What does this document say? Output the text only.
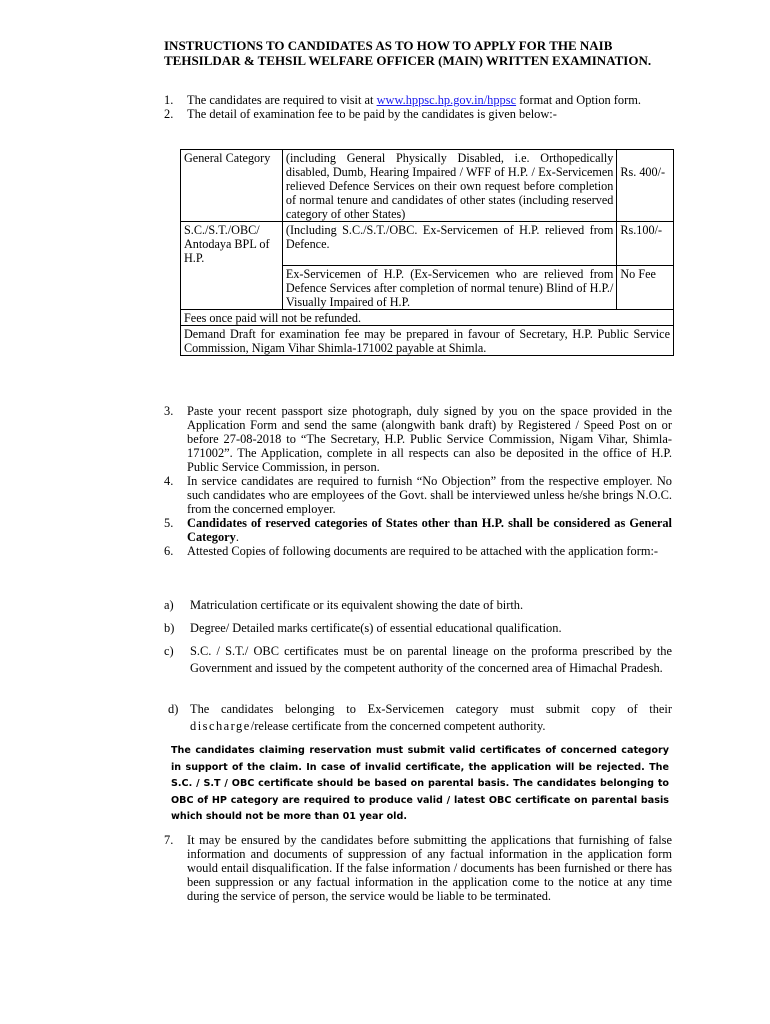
INSTRUCTIONS TO CANDIDATES AS TO HOW TO APPLY FOR THE NAIB TEHSILDAR & TEHSIL WELFARE OFFICER (MAIN) WRITTEN EXAMINATION.
1. The candidates are required to visit at www.hppsc.hp.gov.in/hppsc format and Option form.
2. The detail of examination fee to be paid by the candidates is given below:-
General Category	(including General Physically Disabled, i.e. Orthopedically disabled, Dumb, Hearing Impaired / WFF of H.P. / Ex-Servicemen relieved Defence Services on their own request before completion of normal tenure and candidates of other states (including reserved category of other States)	Rs. 400/-
S.C./S.T./OBC/ Antodaya BPL of H.P.	(Including S.C./S.T./OBC. Ex-Servicemen of H.P. relieved from Defence.	Rs.100/-
	Ex-Servicemen of H.P. (Ex-Servicemen who are relieved from Defence Services after completion of normal tenure) Blind of H.P./ Visually Impaired of H.P.	No Fee
Fees once paid will not be refunded.		
Demand Draft for examination fee may be prepared in favour of Secretary, H.P. Public Service Commission, Nigam Vihar Shimla-171002 payable at Shimla.		
3. Paste your recent passport size photograph, duly signed by you on the space provided in the Application Form and send the same (alongwith bank draft) by Registered / Speed Post on or before 27-08-2018 to “The Secretary, H.P. Public Service Commission, Nigam Vihar, Shimla-171002”. The Application, complete in all respects can also be deposited in the office of H.P. Public Service Commission, in person.
4. In service candidates are required to furnish “No Objection” from the respective employer. No such candidates who are employees of the Govt. shall be interviewed unless he/she brings N.O.C. from the concerned employer.
5. Candidates of reserved categories of States other than H.P. shall be considered as General Category.
6. Attested Copies of following documents are required to be attached with the application form:-
a) Matriculation certificate or its equivalent showing the date of birth.
b) Degree/ Detailed marks certificate(s) of essential educational qualification.
c) S.C. / S.T./ OBC certificates must be on parental lineage on the proforma prescribed by the Government and issued by the competent authority of the concerned area of Himachal Pradesh.
d) The candidates belonging to Ex-Servicemen category must submit copy of their discharge/release certificate from the concerned competent authority.
The candidates claiming reservation must submit valid certificates of concerned category in support of the claim. In case of invalid certificate, the application will be rejected. The S.C. / S.T / OBC certificate should be based on parental basis. The candidates belonging to OBC of HP category are required to produce valid / latest OBC certificate on parental basis which should not be more than 01 year old.
7. It may be ensured by the candidates before submitting the applications that furnishing of false information and documents of suppression of any factual information in the application form would entail disqualification. If the false information / documents has been furnished or there has been suppression or any factual information in the application come to the notice at any time during the service of person, the service would be liable to be terminated.
